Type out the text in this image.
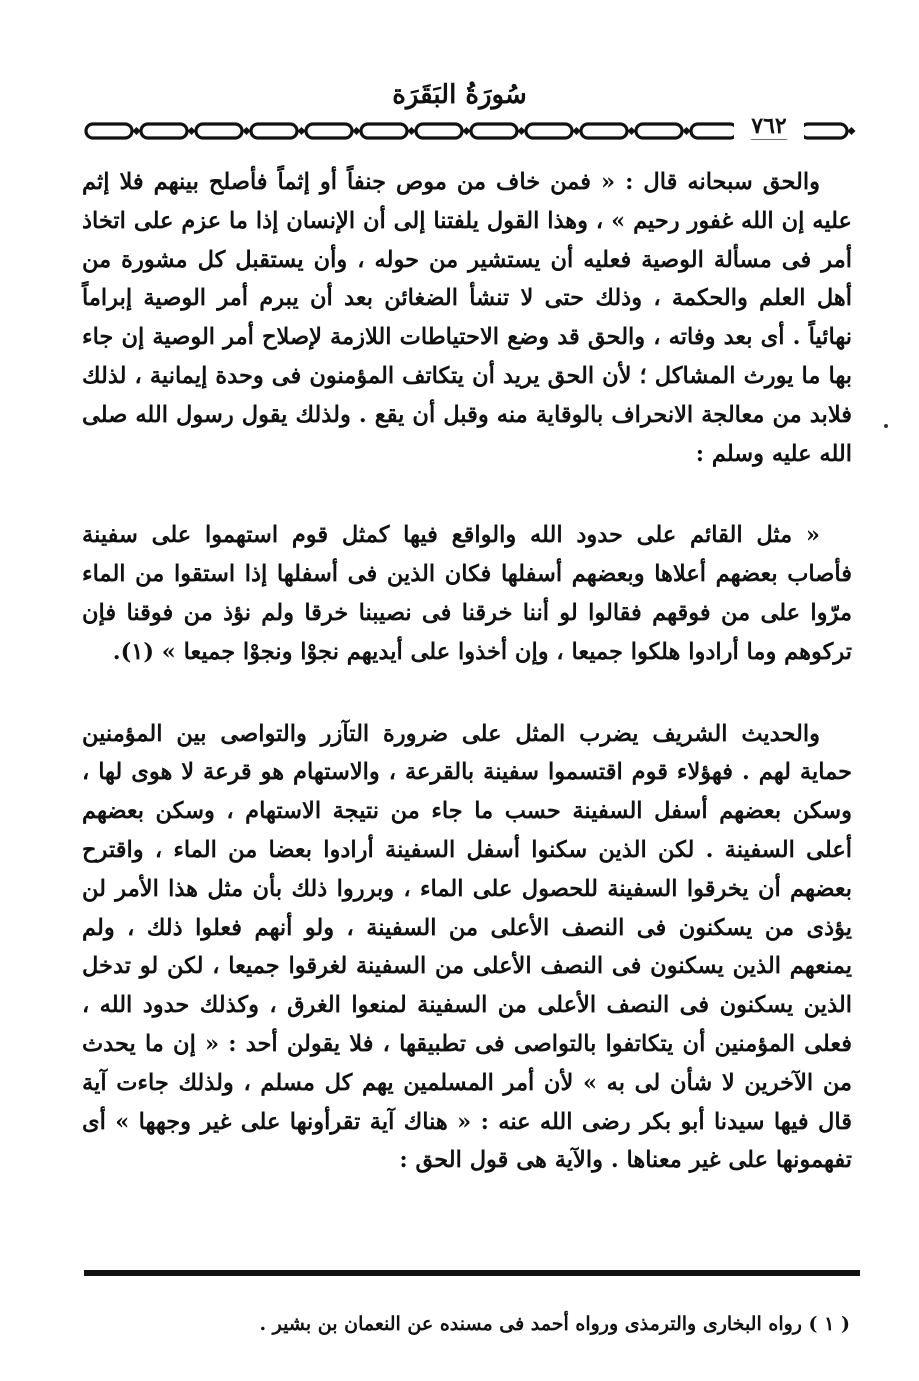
سُورَةُ البَقَرَة
٧٦٢

والحق سبحانه قال : « فمن خاف من موص جنفاً أو إثماً فأصلح بينهم فلا إثم عليه إن الله غفور رحيم » ، وهذا القول يلفتنا إلى أن الإنسان إذا ما عزم على اتخاذ أمر فى مسألة الوصية فعليه أن يستشير من حوله ، وأن يستقبل كل مشورة من أهل العلم والحكمة ، وذلك حتى لا تنشأ الضغائن بعد أن يبرم أمر الوصية إبراماً نهائياً . أى بعد وفاته ، والحق قد وضع الاحتياطات اللازمة لإصلاح أمر الوصية إن جاء بها ما يورث المشاكل ؛ لأن الحق يريد أن يتكاتف المؤمنون فى وحدة إيمانية ، لذلك فلابد من معالجة الانحراف بالوقاية منه وقبل أن يقع . ولذلك يقول رسول الله صلى الله عليه وسلم :

« مثل القائم على حدود الله والواقع فيها كمثل قوم استهموا على سفينة فأصاب بعضهم أعلاها وبعضهم أسفلها فكان الذين فى أسفلها إذا استقوا من الماء مرّوا على من فوقهم فقالوا لو أننا خرقنا فى نصيبنا خرقا ولم نؤذ من فوقنا فإن تركوهم وما أرادوا هلكوا جميعا ، وإن أخذوا على أيديهم نجوْا ونجوْا جميعا » (١).

والحديث الشريف يضرب المثل على ضرورة التآزر والتواصى بين المؤمنين حماية لهم . فهؤلاء قوم اقتسموا سفينة بالقرعة ، والاستهام هو قرعة لا هوى لها ، وسكن بعضهم أسفل السفينة حسب ما جاء من نتيجة الاستهام ، وسكن بعضهم أعلى السفينة . لكن الذين سكنوا أسفل السفينة أرادوا بعضا من الماء ، واقترح بعضهم أن يخرقوا السفينة للحصول على الماء ، وبرروا ذلك بأن مثل هذا الأمر لن يؤذى من يسكنون فى النصف الأعلى من السفينة ، ولو أنهم فعلوا ذلك ، ولم يمنعهم الذين يسكنون فى النصف الأعلى من السفينة لغرقوا جميعا ، لكن لو تدخل الذين يسكنون فى النصف الأعلى من السفينة لمنعوا الغرق ، وكذلك حدود الله ، فعلى المؤمنين أن يتكاتفوا بالتواصى فى تطبيقها ، فلا يقولن أحد : « إن ما يحدث من الآخرين لا شأن لى به » لأن أمر المسلمين يهم كل مسلم ، ولذلك جاءت آية قال فيها سيدنا أبو بكر رضى الله عنه : « هناك آية تقرأونها على غير وجهها » أى تفهمونها على غير معناها . والآية هى قول الحق :

( ١ ) رواه البخارى والترمذى ورواه أحمد فى مسنده عن النعمان بن بشير .
